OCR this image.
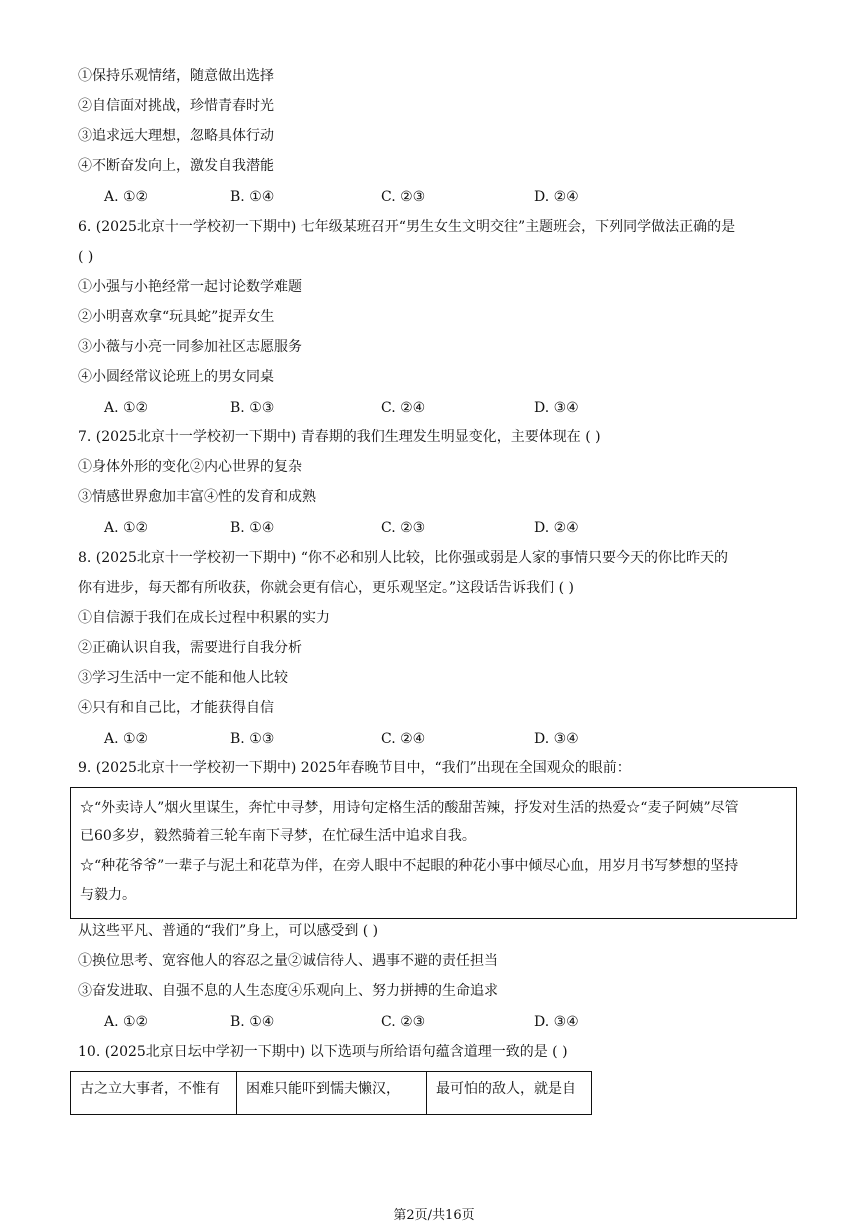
①保持乐观情绪，随意做出选择
②自信面对挑战，珍惜青春时光
③追求远大理想，忽略具体行动
④不断奋发向上，激发自我潜能
A. ①②	B. ①④	C. ②③	D. ②④
6. (2025北京十一学校初一下期中) 七年级某班召开“男生女生文明交往”主题班会，下列同学做法正确的是
( )
①小强与小艳经常一起讨论数学难题
②小明喜欢拿“玩具蛇”捉弄女生
③小薇与小亮一同参加社区志愿服务
④小圆经常议论班上的男女同桌
A. ①②	B. ①③	C. ②④	D. ③④
7. (2025北京十一学校初一下期中) 青春期的我们生理发生明显变化，主要体现在 ( )
①身体外形的变化②内心世界的复杂
③情感世界愈加丰富④性的发育和成熟
A. ①②	B. ①④	C. ②③	D. ②④
8. (2025北京十一学校初一下期中) “你不必和别人比较，比你强或弱是人家的事情只要今天的你比昨天的
你有进步，每天都有所收获，你就会更有信心，更乐观坚定。”这段话告诉我们 ( )
①自信源于我们在成长过程中积累的实力
②正确认识自我，需要进行自我分析
③学习生活中一定不能和他人比较
④只有和自己比，才能获得自信
A. ①②	B. ①③	C. ②④	D. ③④
9. (2025北京十一学校初一下期中) 2025年春晚节目中，“我们”出现在全国观众的眼前：
☆“外卖诗人”烟火里谋生，奔忙中寻梦，用诗句定格生活的酸甜苦辣，抒发对生活的热爱☆“麦子阿姨”尽管
已60多岁，毅然骑着三轮车南下寻梦，在忙碌生活中追求自我。
☆“种花爷爷”一辈子与泥土和花草为伴，在旁人眼中不起眼的种花小事中倾尽心血，用岁月书写梦想的坚持
与毅力。
从这些平凡、普通的“我们”身上，可以感受到 ( )
①换位思考、宽容他人的容忍之量②诚信待人、遇事不避的责任担当
③奋发进取、自强不息的人生态度④乐观向上、努力拼搏的生命追求
A. ①②	B. ①④	C. ②③	D. ③④
10. (2025北京日坛中学初一下期中) 以下选项与所给语句蕴含道理一致的是 ( )
古之立大事者，不惟有	困难只能吓到懦夫懒汉，	最可怕的敌人，就是自
第2页/共16页
